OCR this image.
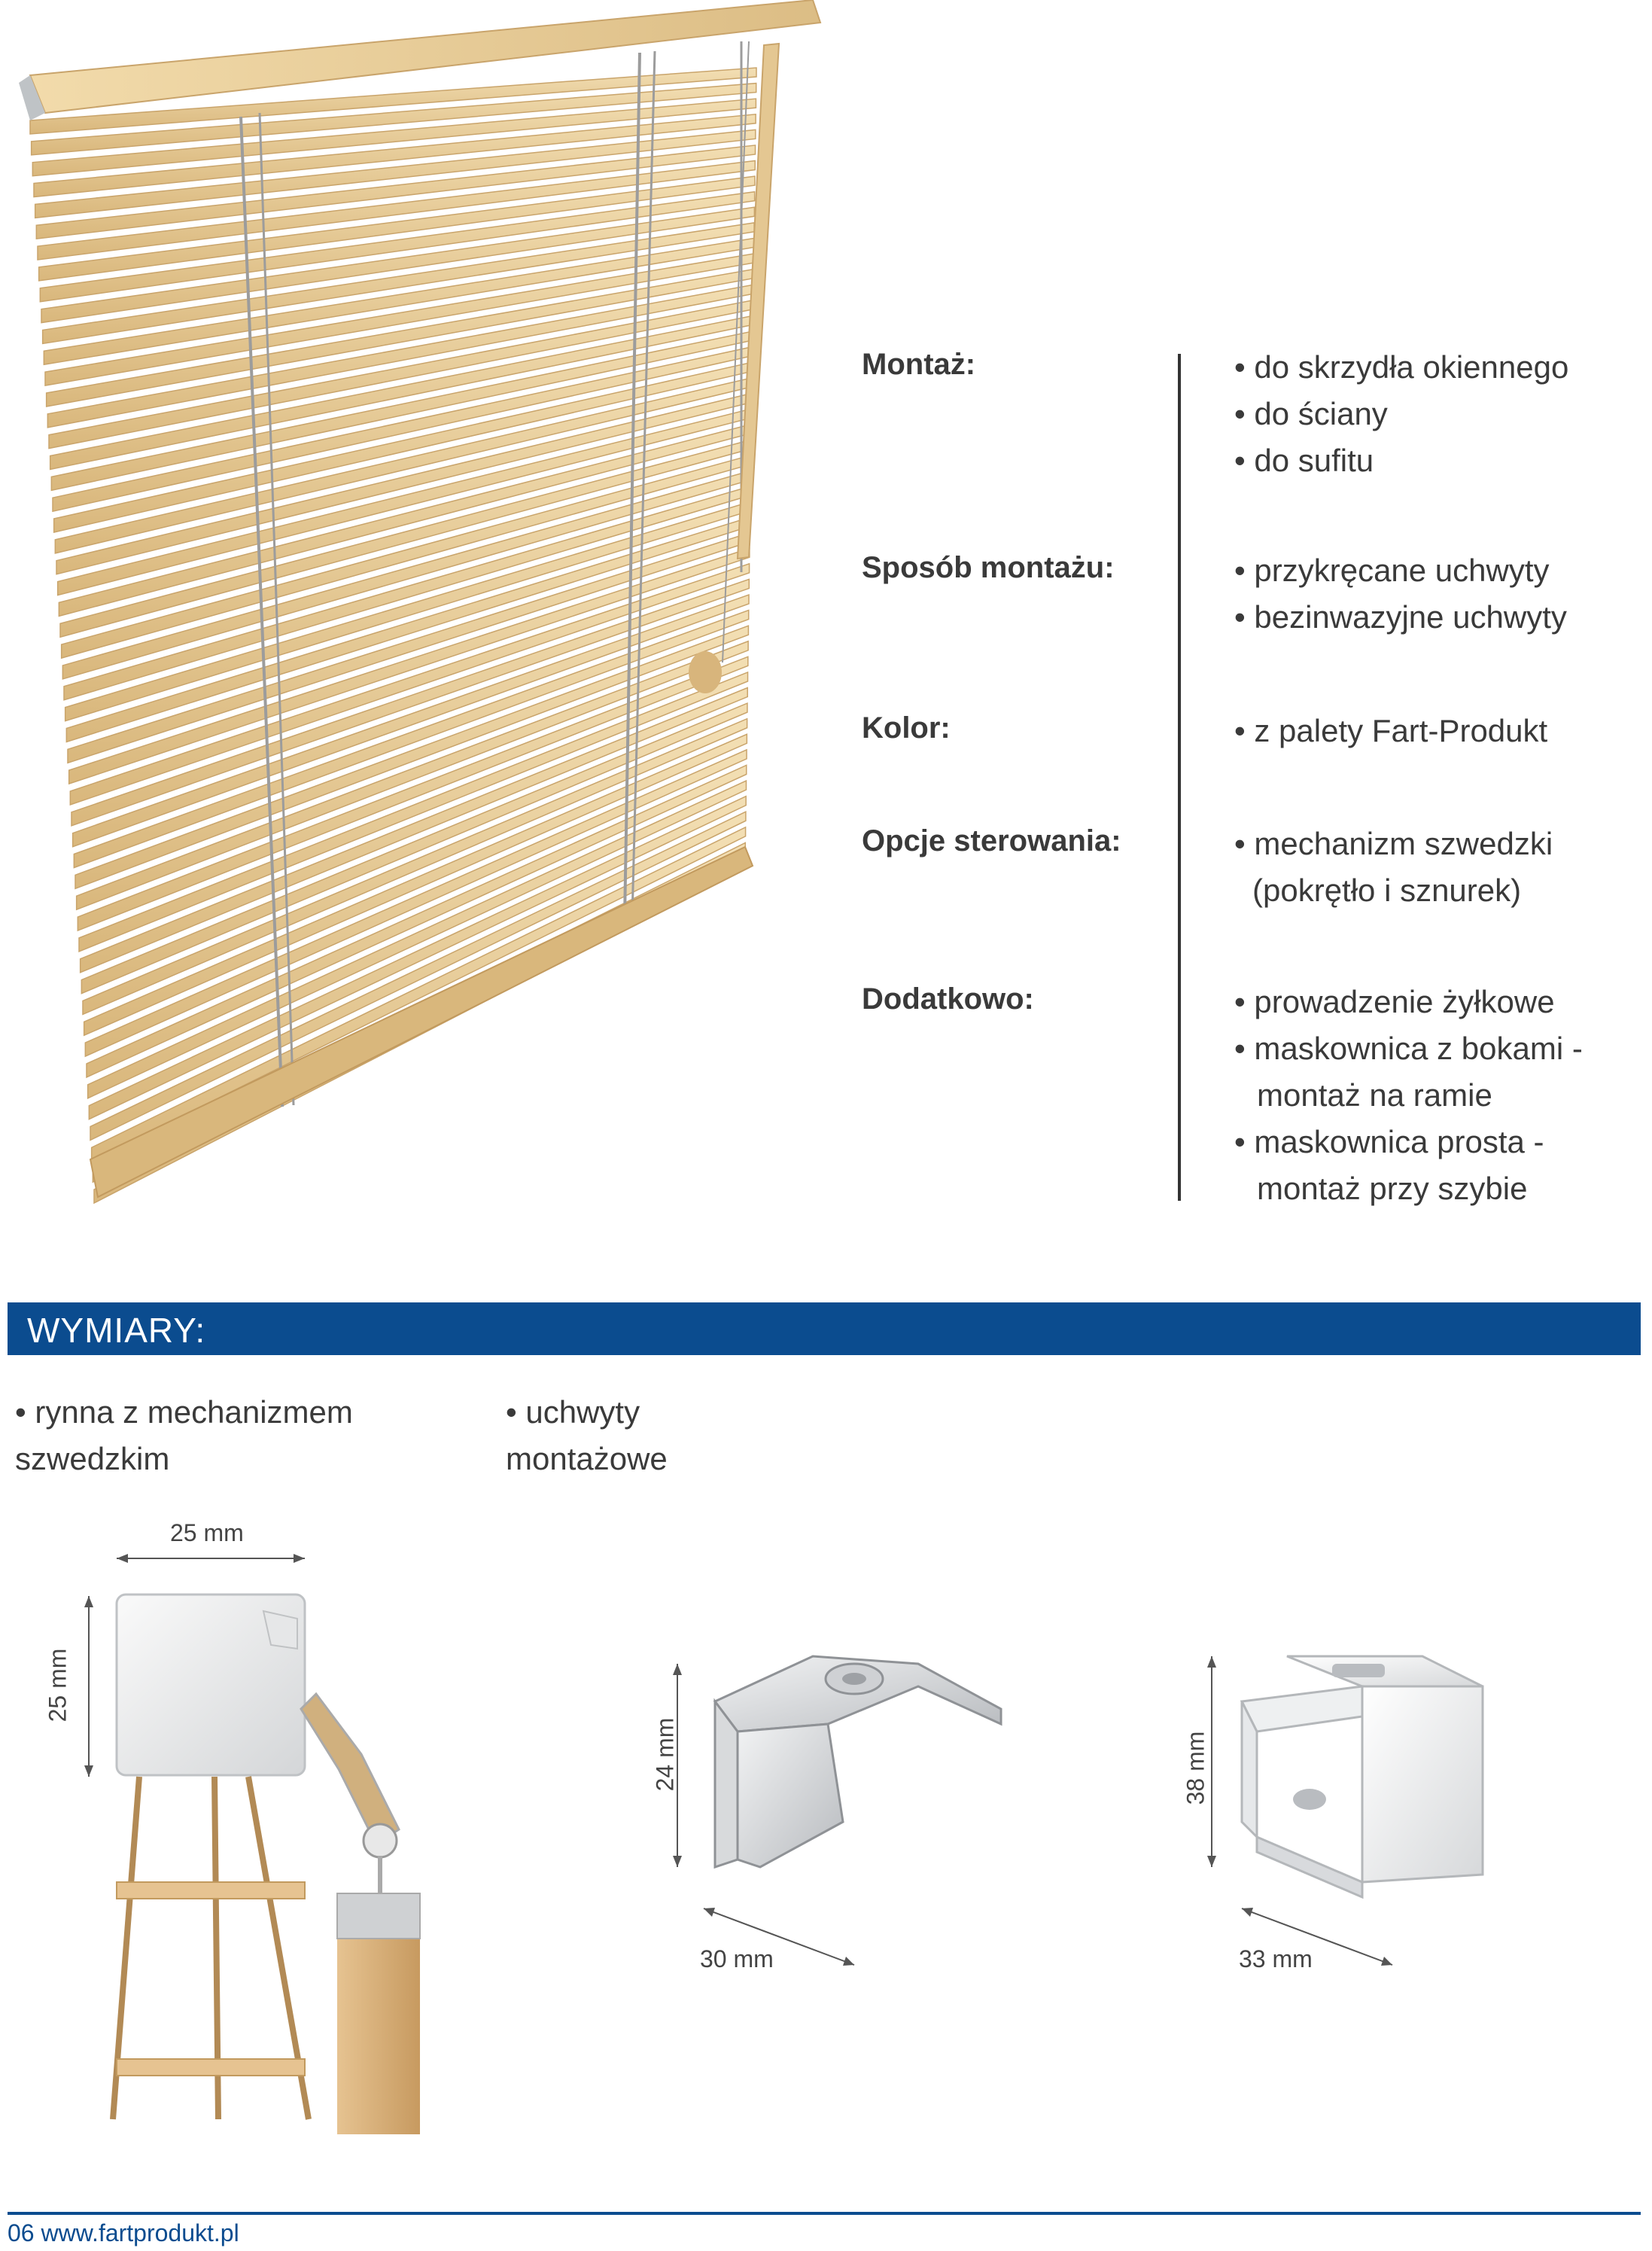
Montaż:
Sposób montażu:
Kolor:
Opcje sterowania:
Dodatkowo:
• do skrzydła okiennego
• do ściany
• do sufitu
• przykręcane uchwyty
• bezinwazyjne uchwyty
• z palety Fart-Produkt
• mechanizm szwedzki
(pokrętło i sznurek)
• prowadzenie żyłkowe
• maskownica z bokami -
montaż na ramie
• maskownica prosta -
montaż przy szybie
WYMIARY:
• rynna z mechanizmem
szwedzkim
• uchwyty
montażowe
25 mm
25 mm
24 mm
30 mm
38 mm
33 mm
06 www.fartprodukt.pl
